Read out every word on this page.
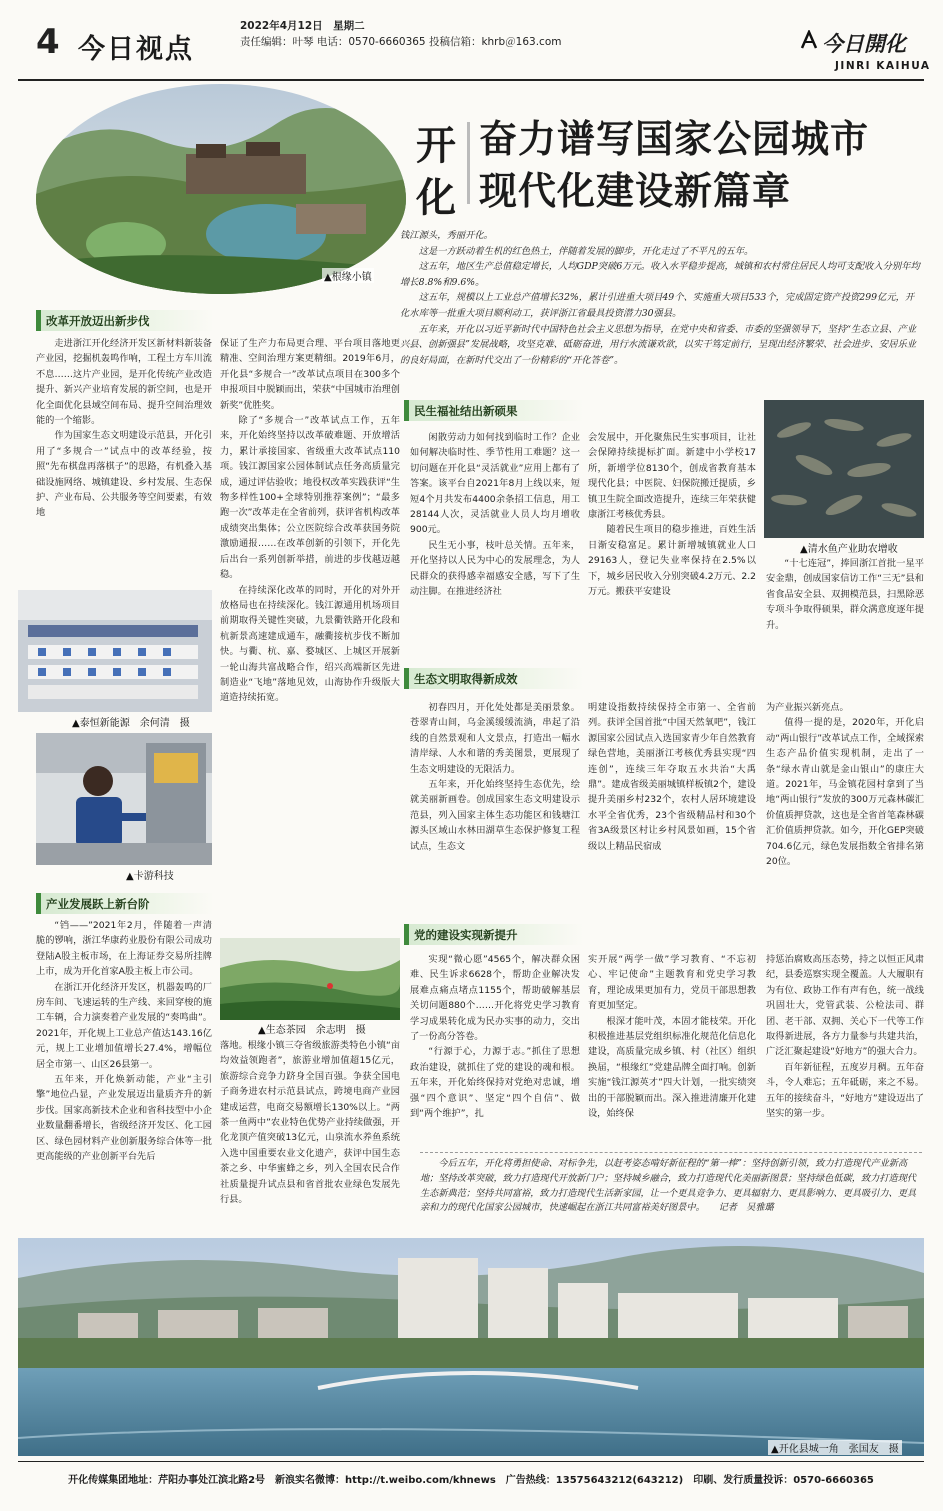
4 今日视点
2022年4月12日　星期二
责任编辑：叶琴 电话：0570-6660365 投稿信箱：khrb＠163.com	今日開化
JINRI KAIHUA
▲根缘小镇
开化
奋力谱写国家公园城市
现代化建设新篇章

钱江源头，秀丽开化。

这是一方跃动着生机的红色热土，伴随着发展的脚步，开化走过了不平凡的五年。

这五年，地区生产总值稳定增长，人均GDP突破6万元。收入水平稳步提高，城镇和农村常住居民人均可支配收入分别年均增长8.8%和9.6%。

这五年，规模以上工业总产值增长32%，累计引进重大项目49个、实施重大项目533个，完成固定资产投资299亿元，开化水库等一批重大项目顺利动工，获评浙江省最具投资潜力30强县。

五年来，开化以习近平新时代中国特色社会主义思想为指导，在党中央和省委、市委的坚强领导下，坚持“生态立县、产业兴县、创新强县”发展战略，攻坚克难、砥砺奋进，用行水流谦欢欲，以实干笃定前行，呈现出经济繁荣、社会进步、安居乐业的良好局面，在新时代交出了一份精彩的“开化答卷”。

改革开放迈出新步伐

走进浙江开化经济开发区新材料新装备产业园，挖掘机轰鸣作响，工程土方车川流不息……这片产业园，是开化传统产业改造提升、新兴产业培育发展的新空间，也是开化全面优化县域空间布局、提升空间治理效能的一个缩影。

作为国家生态文明建设示范县，开化引用了“多规合一”试点中的改革经验，按照“先布棋盘再落棋子”的思路，有机叠入基础设施网络、城镇建设、乡村发展、生态保护、产业布局、公共服务等空间要素，有效地

保证了生产力布局更合理、平台项目落地更精准、空间治理方案更精细。2019年6月，开化县“多规合一”改革试点项目在300多个申报项目中脱颖而出，荣获“中国城市治理创新奖”优胜奖。

除了“多规合一”改革试点工作，五年来，开化始终坚持以改革破难题、开放增活力，累计承接国家、省级重大改革试点110项。钱江源国家公园体制试点任务高质量完成，通过评估验收；地役权改革实践获评“生物多样性100+全球特别推荐案例”；“最多跑一次”改革走在全省前列，获评省机构改革成绩突出集体；公立医院综合改革获国务院激励通报……在改革创新的引领下，开化先后出台一系列创新举措，前进的步伐越迈越稳。

在持续深化改革的同时，开化的对外开放格局也在持续深化。钱江源通用机场项目前期取得关键性突破，九景衢铁路开化段和杭新景高速建成通车，融衢接杭步伐不断加快。与衢、杭、嘉、婺城区、上城区开展新一轮山海共富战略合作，绍兴高端新区先进制造业“飞地”落地见效，山海协作升级版大道造持续拓宽。

▲泰恒新能源　余何清　摄
▲卡游科技
产业发展跃上新台阶

“铛——”2021年2月，伴随着一声清脆的锣响，浙江华康药业股份有限公司成功登陆A股主板市场，在上海证券交易所挂牌上市，成为开化首家A股主板上市公司。

在浙江开化经济开发区，机器轰鸣的厂房车间、飞速运转的生产线、来回穿梭的施工车辆，合力演奏着产业发展的“奏鸣曲”。2021年，开化规上工业总产值达143.16亿元，规上工业增加值增长27.4%，增幅位居全市第一、山区26县第一。

五年来，开化焕新动能，产业“主引擎”地位凸显，产业发展迈出量质齐升的新步伐。国家高新技术企业和省科技型中小企业数量翻番增长，省级经济开发区、化工园区、绿色园材料产业创新服务综合体等一批更高能级的产业创新平台先后

▲生态茶园　余志明　摄

落地。根缘小镇三夺省级旅游类特色小镇“亩均效益领跑者”，旅游业增加值超15亿元，旅游综合竞争力跻身全国百强。争获全国电子商务进农村示范县试点，跨境电商产业园建成运营，电商交易额增长130%以上。“两茶一鱼两中”农业特色优势产业持续做强，开化龙顶产值突破13亿元，山泉流水养鱼系统入选中国重要农业文化遗产，获评中国生态茶之乡、中华蜜蜂之乡，列入全国农民合作社质量提升试点县和省首批农业绿色发展先行县。

民生福祉结出新硕果

闲散劳动力如何找到临时工作？企业如何解决临时性、季节性用工难题？这一切问题在开化县“灵活就业”应用上都有了答案。该平台自2021年8月上线以来，短短4个月共发布4400余条招工信息，用工28144人次，灵活就业人员人均月增收900元。

民生无小事，枝叶总关情。五年来，开化坚持以人民为中心的发展理念，为人民群众的获得感幸福感安全感，写下了生动注脚。在推进经济社

会发展中，开化聚焦民生实事项目，让社会保障持续提标扩面。新建中小学校17所，新增学位8130个，创成省教育基本现代化县；中医院、妇保院搬迁提质，乡镇卫生院全面改造提升，连续三年荣获健康浙江考核优秀县。

随着民生项目的稳步推进，百姓生活日渐安稳富足。累计新增城镇就业人口29163人，登记失业率保持在2.5%以下，城乡居民收入分别突破4.2万元、2.2万元。搬获平安建设

▲清水鱼产业助农增收

“十七连冠”，捧回浙江首批一星平安金鼎，创成国家信访工作“三无”县和省食品安全县、双拥模范县，扫黑除恶专项斗争取得硕果，群众满意度逐年提升。

生态文明取得新成效

初春四月，开化处处都是美丽景象。苍翠青山间，乌金溪缓缓流淌，串起了沿线的自然景观和人文景点，打造出一幅水清岸绿、人水和谐的秀美图景，更展现了生态文明建设的无限活力。

五年来，开化始终坚持生态优先，绘就美丽新画卷。创成国家生态文明建设示范县，列入国家主体生态功能区和钱塘江源头区域山水林田湖草生态保护修复工程试点，生态文

明建设指数持续保持全市第一、全省前列。获评全国首批“中国天然氧吧”，钱江源国家公园试点入选国家青少年自然教育绿色营地，美丽浙江考核优秀县实现“四连创”，连续三年夺取五水共治“大禹鼎”。建成省级美丽城镇样板镇2个，建设提升美丽乡村232个，农村人居环境建设水平全省优秀，23个省级精品村和30个省3A级景区村让乡村风景如画，15个省级以上精品民宿成

为产业振兴新亮点。

值得一提的是，2020年，开化启动“两山银行”改革试点工作，全域探索生态产品价值实现机制，走出了一条“绿水青山就是金山银山”的康庄大道。2021年，马金镇花园村拿到了当地“两山银行”发放的300万元森林碳汇价值质押贷款，这也是全省首笔森林碳汇价值质押贷款。如今，开化GEP突破704.6亿元，绿色发展指数全省排名第20位。

党的建设实现新提升

实现“微心愿”4565个，解决群众困难、民生诉求6628个，帮助企业解决发展难点痛点堵点1155个，帮助破解基层关切问题880个……开化将党史学习教育学习成果转化成为民办实事的动力，交出了一份高分答卷。

“行源于心，力源于志。”抓住了思想政治建设，就抓住了党的建设的魂和根。五年来，开化始终保持对党绝对忠诚，增强“四个意识”、坚定“四个自信”、做到“两个维护”，扎

实开展“两学一做”学习教育、“不忘初心、牢记使命”主题教育和党史学习教育，理论成果更加有力，党员干部思想教育更加坚定。

根深才能叶茂，本固才能枝荣。开化积极推进基层党组织标准化规范化信息化建设，高质量完成乡镇、村（社区）组织换届，“根缘红”党建品牌全面打响。创新实施“钱江源英才”四大计划，一批实绩突出的干部脱颖而出。深入推进清廉开化建设，始终保

持惩治腐败高压态势，持之以恒正风肃纪，县委巡察实现全覆盖。人大履职有为有位、政协工作有声有色，统一战线巩固壮大，党管武装、公检法司、群团、老干部、双拥、关心下一代等工作取得新进展，各方力量参与共建共治，广泛汇聚起建设“好地方”的强大合力。

百年新征程，五度岁月稠。五年奋斗，令人难忘；五年砥砺，来之不易。五年的接续奋斗，“好地方”建设迈出了坚实的第一步。

今后五年，开化将勇担使命、对标争先，以赶考姿态啃好新征程的“第一棒”：坚持创新引领，致力打造现代产业新高地；坚持改革突破，致力打造现代开放新门户；坚持城乡融合，致力打造现代化美丽新图景；坚持绿色低碳，致力打造现代生态新典范；坚持共同富裕，致力打造现代生活新家园，让一个更具竞争力、更具辐射力、更具影响力、更具吸引力、更具亲和力的现代化国家公园城市，快速崛起在浙江共同富裕美好图景中。　　记者　吴雅璐

▲开化县城一角　张国友　摄
开化传媒集团地址：芹阳办事处江滨北路2号　新浪实名微博：http://t.weibo.com/khnews　广告热线：13575643212(643212)　印刷、发行质量投诉：0570-6660365
